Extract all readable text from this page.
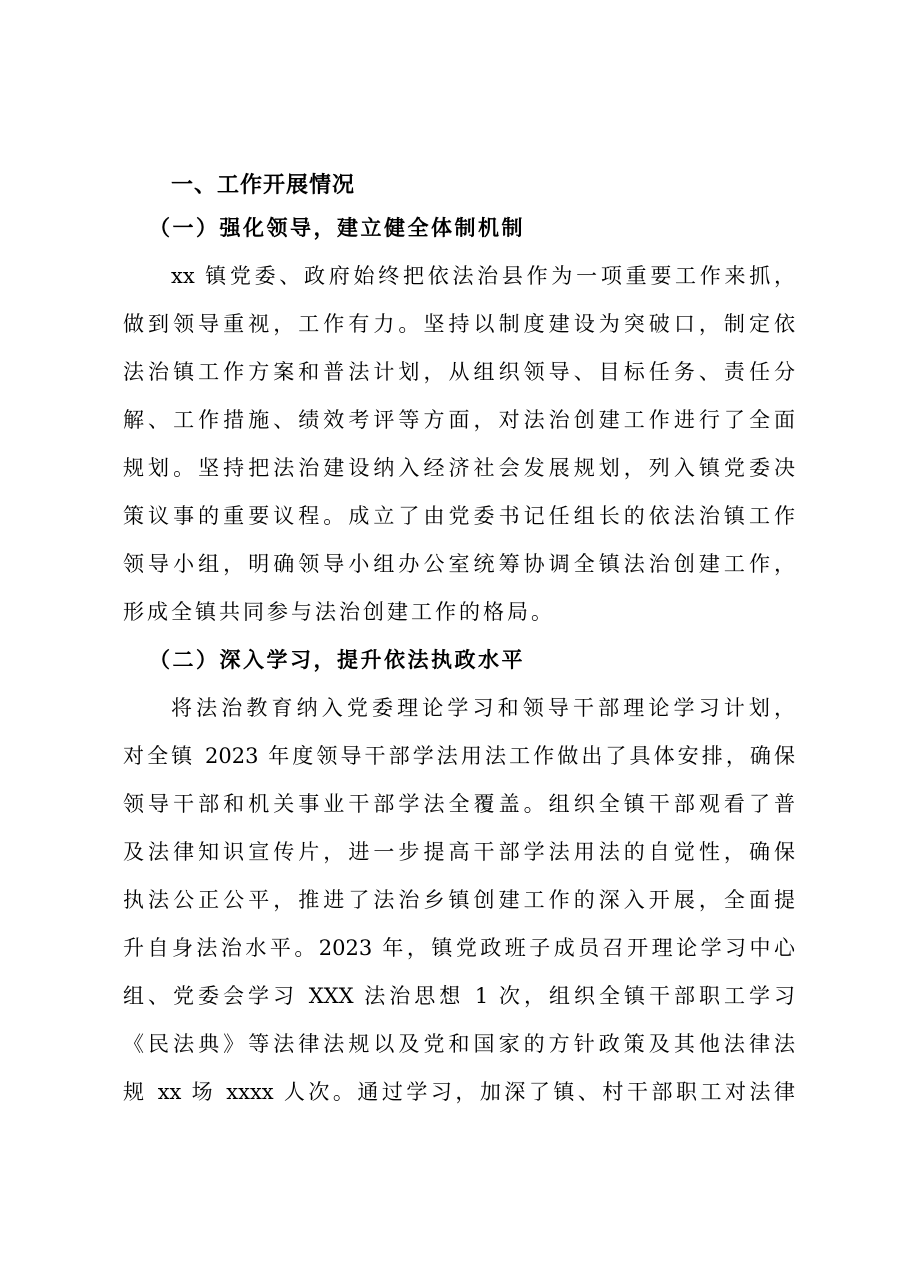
一、工作开展情况
（一）强化领导，建立健全体制机制
xx 镇党委、政府始终把依法治县作为一项重要工作来抓，
做到领导重视，工作有力。坚持以制度建设为突破口，制定依
法治镇工作方案和普法计划，从组织领导、目标任务、责任分
解、工作措施、绩效考评等方面，对法治创建工作进行了全面
规划。坚持把法治建设纳入经济社会发展规划，列入镇党委决
策议事的重要议程。成立了由党委书记任组长的依法治镇工作
领导小组，明确领导小组办公室统筹协调全镇法治创建工作，
形成全镇共同参与法治创建工作的格局。
（二）深入学习，提升依法执政水平
将法治教育纳入党委理论学习和领导干部理论学习计划，
对全镇 2023 年度领导干部学法用法工作做出了具体安排，确保
领导干部和机关事业干部学法全覆盖。组织全镇干部观看了普
及法律知识宣传片，进一步提高干部学法用法的自觉性，确保
执法公正公平，推进了法治乡镇创建工作的深入开展，全面提
升自身法治水平。2023 年，镇党政班子成员召开理论学习中心
组、党委会学习 XXX 法治思想 1 次，组织全镇干部职工学习
《民法典》等法律法规以及党和国家的方针政策及其他法律法
规 xx 场 xxxx 人次。通过学习，加深了镇、村干部职工对法律
